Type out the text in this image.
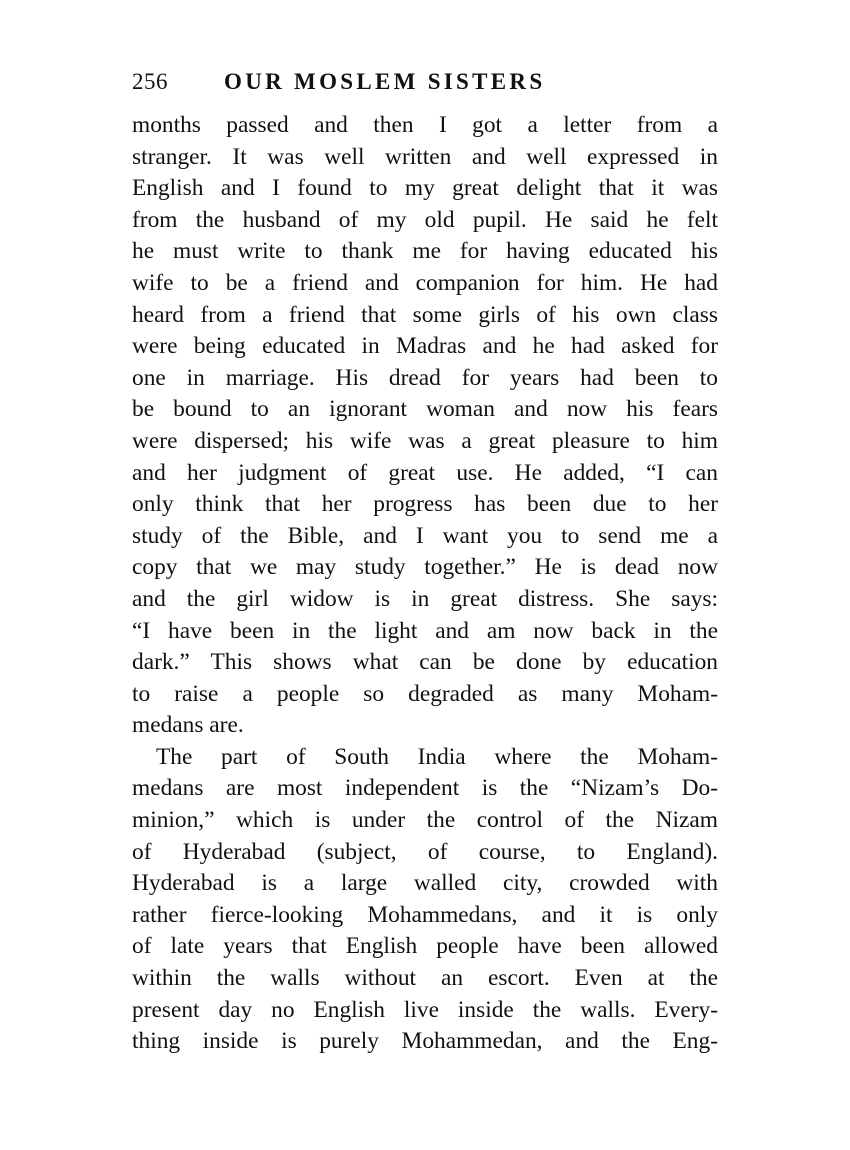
256	OUR MOSLEM SISTERS
months passed and then I got a letter from a
stranger. It was well written and well expressed in
English and I found to my great delight that it was
from the husband of my old pupil. He said he felt
he must write to thank me for having educated his
wife to be a friend and companion for him. He had
heard from a friend that some girls of his own class
were being educated in Madras and he had asked for
one in marriage. His dread for years had been to
be bound to an ignorant woman and now his fears
were dispersed; his wife was a great pleasure to him
and her judgment of great use. He added, “I can
only think that her progress has been due to her
study of the Bible, and I want you to send me a
copy that we may study together.” He is dead now
and the girl widow is in great distress. She says:
“I have been in the light and am now back in the
dark.” This shows what can be done by education
to raise a people so degraded as many Moham-
medans are.
The part of South India where the Moham-
medans are most independent is the “Nizam’s Do-
minion,” which is under the control of the Nizam
of Hyderabad (subject, of course, to England).
Hyderabad is a large walled city, crowded with
rather fierce-looking Mohammedans, and it is only
of late years that English people have been allowed
within the walls without an escort. Even at the
present day no English live inside the walls. Every-
thing inside is purely Mohammedan, and the Eng-
